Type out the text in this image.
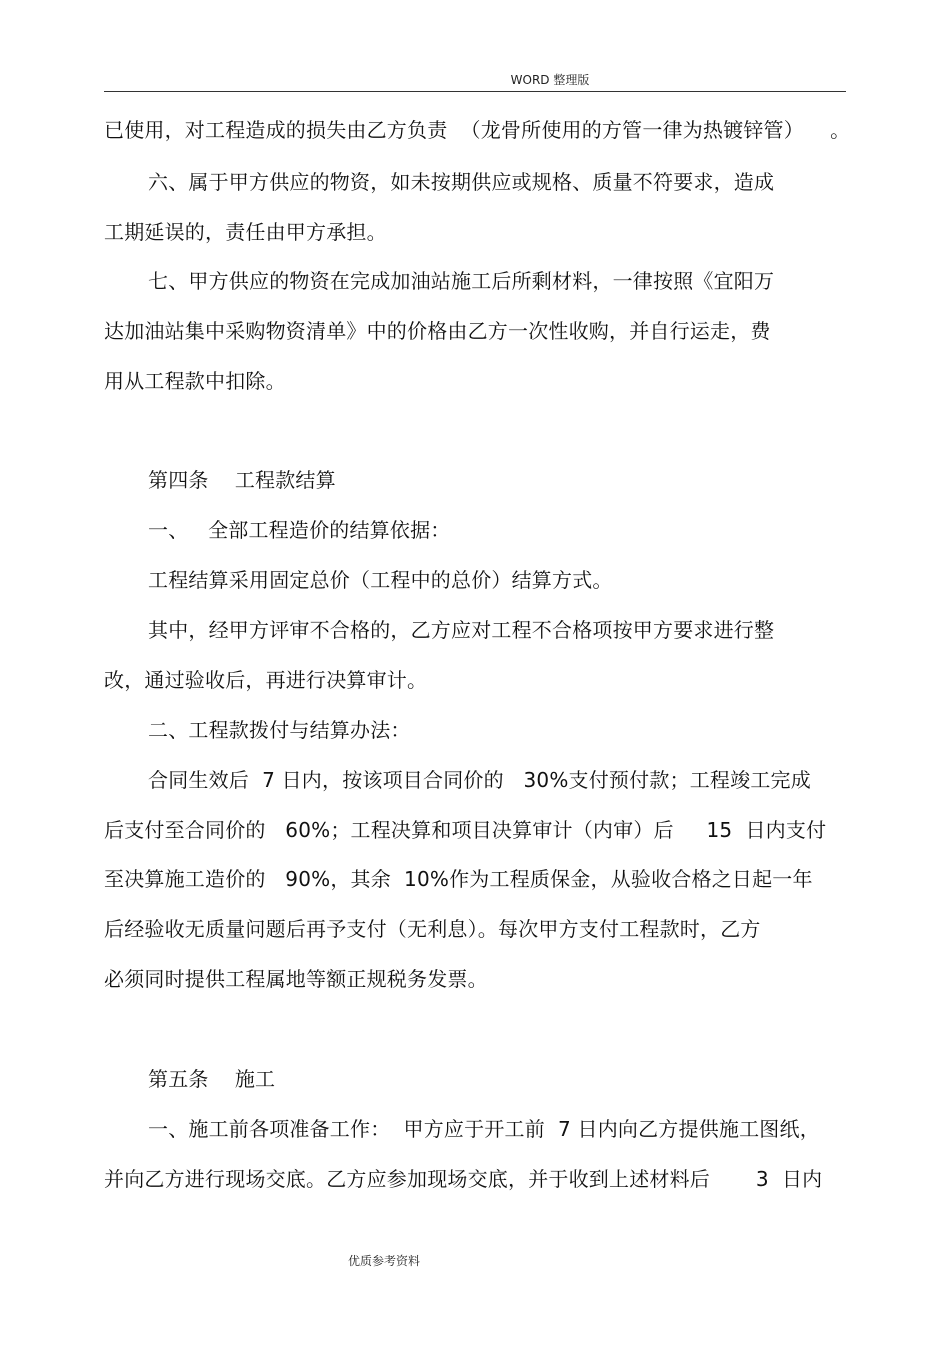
WORD 整理版
已使用，对工程造成的损失由乙方负责  （龙骨所使用的方管一律为热镀锌管）    。
六、属于甲方供应的物资，如未按期供应或规格、质量不符要求，造成
工期延误的，责任由甲方承担。
七、甲方供应的物资在完成加油站施工后所剩材料，一律按照《宜阳万
达加油站集中采购物资清单》中的价格由乙方一次性收购，并自行运走，费
用从工程款中扣除。
第四条    工程款结算
一、   全部工程造价的结算依据：
工程结算采用固定总价（工程中的总价）结算方式。
其中，经甲方评审不合格的，乙方应对工程不合格项按甲方要求进行整
改，通过验收后，再进行决算审计。
二、工程款拨付与结算办法：
合同生效后  7 日内，按该项目合同价的   30%支付预付款；工程竣工完成
后支付至合同价的   60%；工程决算和项目决算审计（内审）后     15  日内支付
至决算施工造价的   90%，其余  10%作为工程质保金，从验收合格之日起一年
后经验收无质量问题后再予支付（无利息）。每次甲方支付工程款时，乙方
必须同时提供工程属地等额正规税务发票。
第五条    施工
一、施工前各项准备工作：  甲方应于开工前  7 日内向乙方提供施工图纸，
并向乙方进行现场交底。乙方应参加现场交底，并于收到上述材料后       3  日内
优质参考资料
